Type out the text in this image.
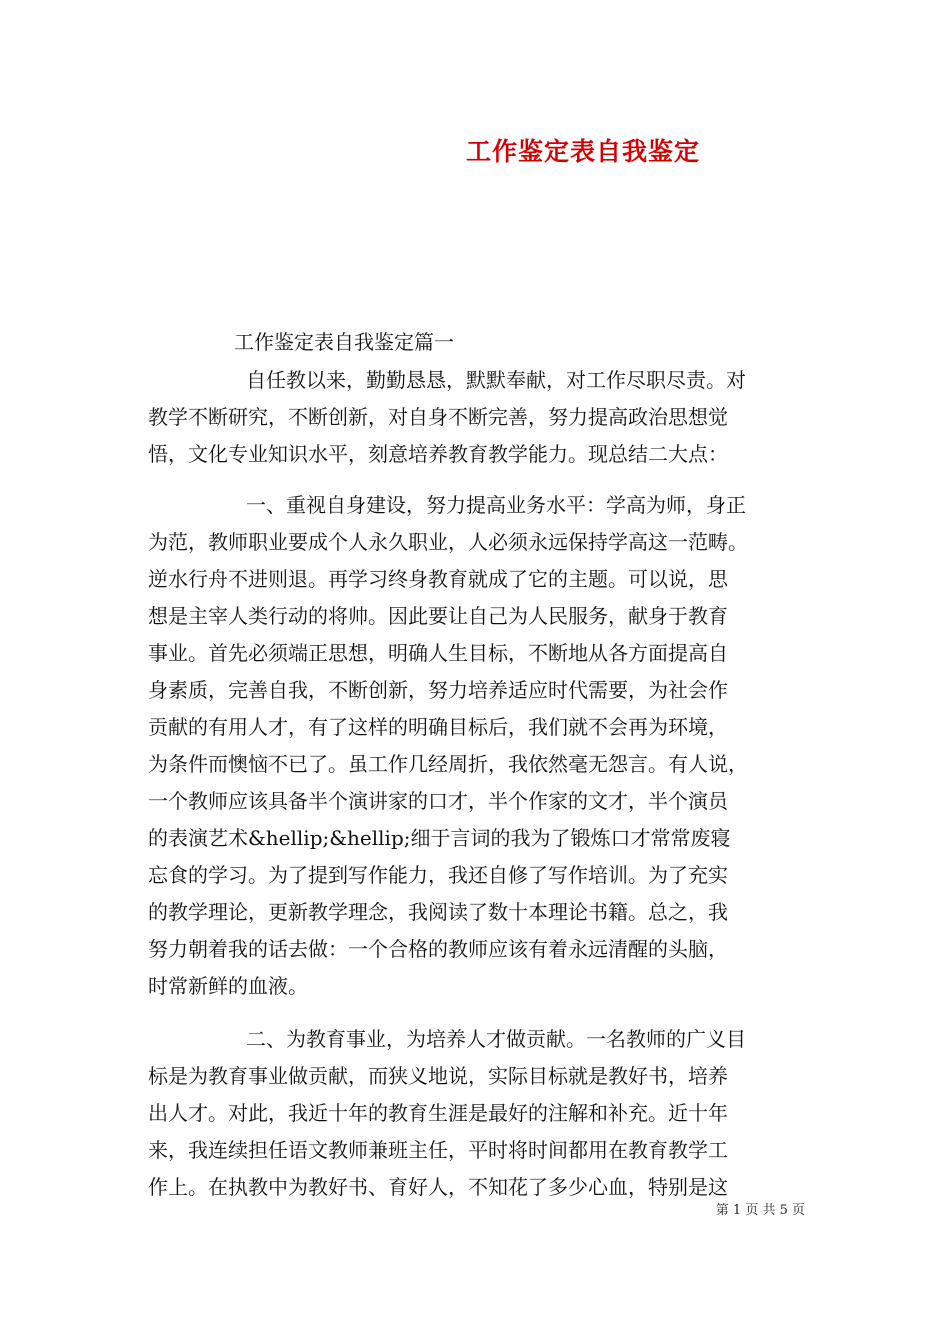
工作鉴定表自我鉴定
工作鉴定表自我鉴定篇一
自任教以来，勤勤恳恳，默默奉献，对工作尽职尽责。对
教学不断研究，不断创新，对自身不断完善，努力提高政治思想觉
悟，文化专业知识水平，刻意培养教育教学能力。现总结二大点：
一、重视自身建设，努力提高业务水平：学高为师，身正
为范，教师职业要成个人永久职业，人必须永远保持学高这一范畴。
逆水行舟不进则退。再学习终身教育就成了它的主题。可以说，思
想是主宰人类行动的将帅。因此要让自己为人民服务，献身于教育
事业。首先必须端正思想，明确人生目标，不断地从各方面提高自
身素质，完善自我，不断创新，努力培养适应时代需要，为社会作
贡献的有用人才，有了这样的明确目标后，我们就不会再为环境，
为条件而懊恼不已了。虽工作几经周折，我依然毫无怨言。有人说，
一个教师应该具备半个演讲家的口才，半个作家的文才，半个演员
的表演艺术&hellip;&hellip;细于言词的我为了锻炼口才常常废寝
忘食的学习。为了提到写作能力，我还自修了写作培训。为了充实
的教学理论，更新教学理念，我阅读了数十本理论书籍。总之，我
努力朝着我的话去做：一个合格的教师应该有着永远清醒的头脑，
时常新鲜的血液。
二、为教育事业，为培养人才做贡献。一名教师的广义目
标是为教育事业做贡献，而狭义地说，实际目标就是教好书，培养
出人才。对此，我近十年的教育生涯是最好的注解和补充。近十年
来，我连续担任语文教师兼班主任，平时将时间都用在教育教学工
作上。在执教中为教好书、育好人，不知花了多少心血，特别是这
第 1 页 共 5 页
